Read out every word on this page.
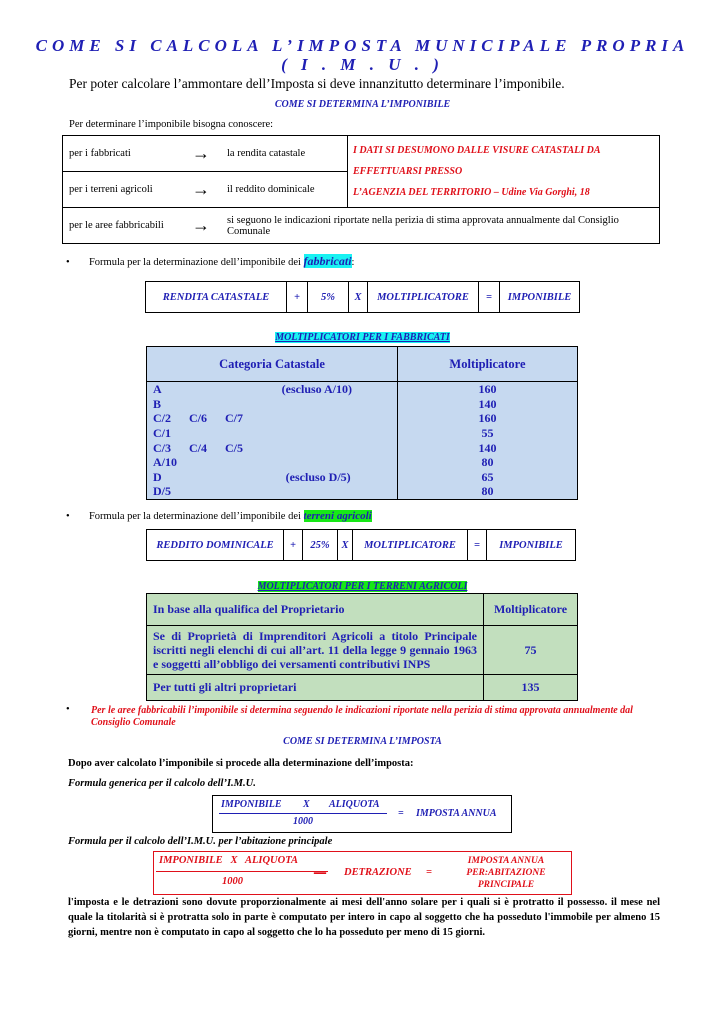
COME SI CALCOLA L’IMPOSTA MUNICIPALE PROPRIA
( I . M . U . )
Per poter calcolare l’ammontare dell’Imposta si deve innanzitutto determinare l’imponibile.
COME SI DETERMINA L’IMPONIBILE
Per determinare l’imponibile bisogna conoscere:
per i fabbricati	→	la rendita catastale	I DATI SI DESUMONO DALLE VISURE CATASTALI DA EFFETTUARSI PRESSO
L’AGENZIA DEL TERRITORIO – Udine Via Gorghi, 18

per i terreni agricoli	→	il reddito dominicale	
per le aree fabbricabili	→	si seguono le indicazioni riportate nella perizia di stima approvata annualmente dal Consiglio Comunale	
• Formula per la determinazione dell’imponibile dei fabbricati:
RENDITA CATASTALE	+	5%	X	MOLTIPLICATORE	=	IMPONIBILE
MOLTIPLICATORI PER I FABBRICATI
Categoria Catastale	Moltiplicatore
A (escluso A/10)	160
B	140
C/2      C/6      C/7	160
C/1	55
C/3      C/4      C/5	140
A/10	80
D (escluso D/5)	65
D/5	80
• Formula per la determinazione dell’imponibile dei terreni agricoli
REDDITO DOMINICALE	+	25%	X	MOLTIPLICATORE	=	IMPONIBILE
MOLTIPLICATORI PER I TERRENI AGRICOLI
In base alla qualifica del Proprietario	Moltiplicatore
Se di Proprietà di Imprenditori Agricoli a titolo Principale iscritti negli elenchi di cui all’art. 11 della legge 9 gennaio 1963 e soggetti all’obbligo dei versamenti contributivi INPS	75
Per tutti gli altri proprietari	135
• Per le aree fabbricabili l’imponibile si determina seguendo le indicazioni riportate nella perizia di stima approvata annualmente dal Consiglio Comunale
COME SI DETERMINA L’IMPOSTA
Dopo aver calcolato l’imponibile si procede alla determinazione dell’imposta:
Formula generica per il calcolo dell’I.M.U.
IMPONIBILE X ALIQUOTA
1000
= IMPOSTA ANNUA
Formula per il calcolo dell’I.M.U. per l’abitazione principale
IMPONIBILE   X   ALIQUOTA
1000	– DETRAZIONE =
IMPOSTA ANNUA PER:ABITAZIONE PRINCIPALE
l'imposta e le detrazioni sono dovute proporzionalmente ai mesi dell'anno solare per i quali si è protratto il possesso. il mese nel quale la titolarità si è protratta solo in parte è computato per intero in capo al soggetto che ha posseduto l'immobile per almeno 15 giorni, mentre non è computato in capo al soggetto che lo ha posseduto per meno di 15 giorni.
